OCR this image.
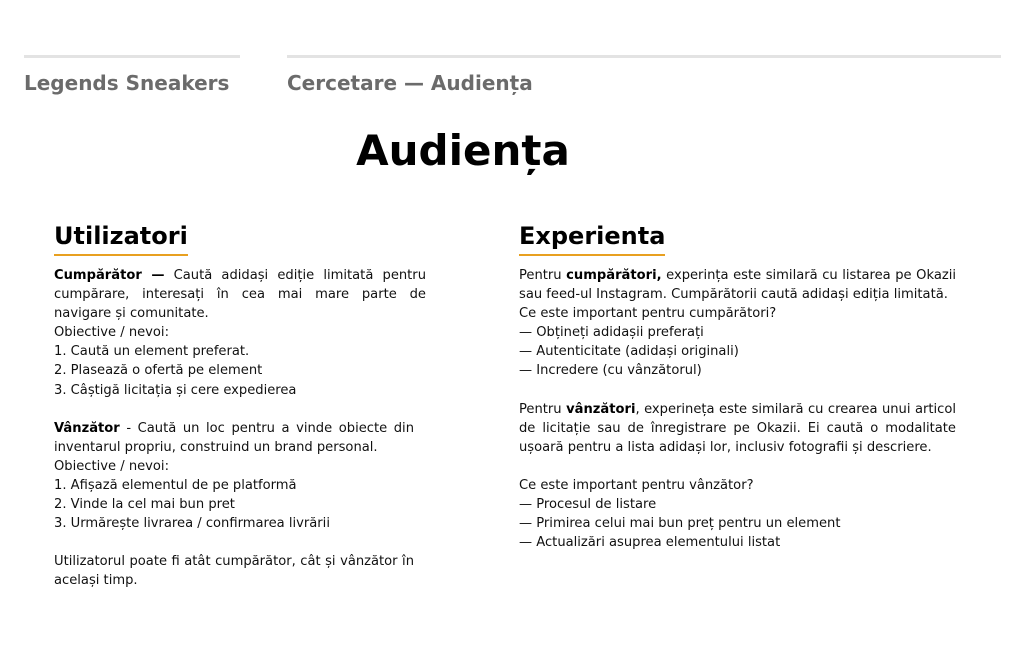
Legends Sneakers	Cercetare — Audiența
Audiența
Utilizatori

Cumpărător — Caută adidași ediție limitată pentru cumpărare, interesați în cea mai mare parte de navigare și comunitate.

Obiective / nevoi:

1. Caută un element preferat.

2. Plasează o ofertă pe element

3. Câștigă licitația și cere expedierea

Vânzător - Caută un loc pentru a vinde obiecte din inventarul propriu, construind un brand personal.

Obiective / nevoi:

1. Afișază elementul de pe platformă

2. Vinde la cel mai bun pret

3. Urmărește livrarea / confirmarea livrării

Utilizatorul poate fi atât cumpărător, cât și vânzător în același timp.

Experienta

Pentru cumpărători, experința este similară cu listarea pe Okazii sau feed-ul Instagram. Cumpărătorii caută adidași ediția limitată.

Ce este important pentru cumpărători?

— Obțineți adidașii preferați

— Autenticitate (adidași originali)

— Incredere (cu vânzătorul)

Pentru vânzători, experineța este similară cu crearea unui articol de licitație sau de înregistrare pe Okazii. Ei caută o modalitate ușoară pentru a lista adidași lor, inclusiv fotografii și descriere.

Ce este important pentru vânzător?

— Procesul de listare

— Primirea celui mai bun preț pentru un element

— Actualizări asuprea elementului listat
